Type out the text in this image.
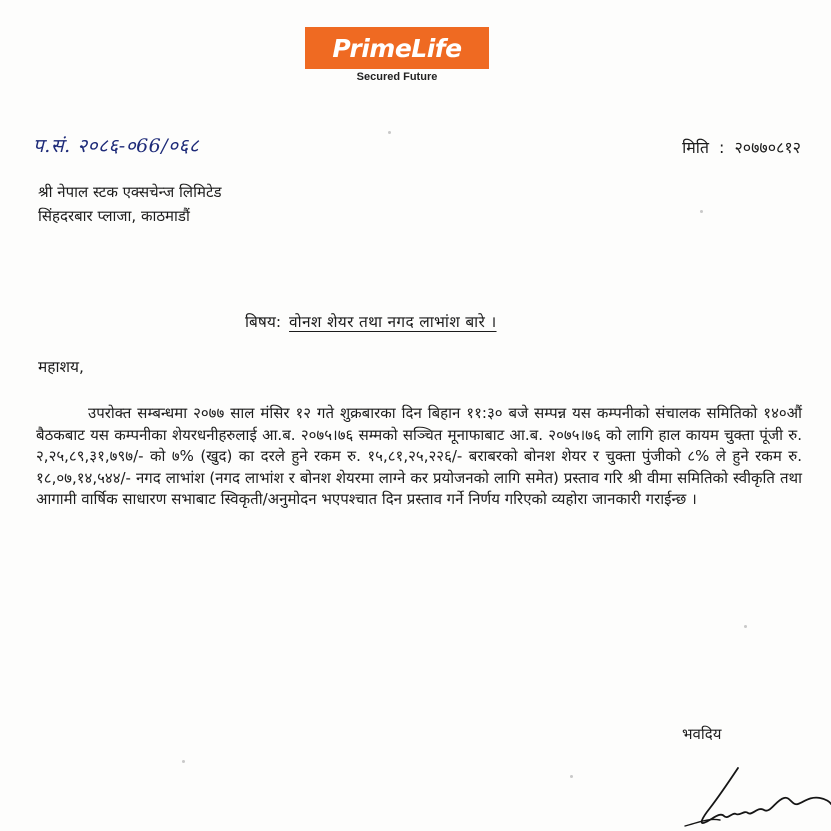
PrimeLife
Secured Future
प.सं. २०८६-०66/०६८	मिति : २०७७०८१२
श्री नेपाल स्टक एक्सचेन्ज लिमिटेड
सिंहदरबार प्लाजा, काठमाडौं
बिषय: वोनश शेयर तथा नगद लाभांश बारे ।
महाशय,
उपरोक्त सम्बन्धमा २०७७ साल मंसिर १२ गते शुक्रबारका दिन बिहान ११:३० बजे सम्पन्न यस कम्पनीको संचालक समितिको १४०औं बैठकबाट यस कम्पनीका शेयरधनीहरुलाई आ.ब. २०७५।७६ सम्मको सञ्चित मूनाफाबाट आ.ब. २०७५।७६ को लागि हाल कायम चुक्ता पूंजी रु. २,२५,८९,३१,७९७/- को ७% (खुद) का दरले हुने रकम रु. १५,८१,२५,२२६/- बराबरको बोनश शेयर र चुक्ता पुंजीको ८% ले हुने रकम रु. १८,०७,१४,५४४/- नगद लाभांश (नगद लाभांश र बोनश शेयरमा लाग्ने कर प्रयोजनको लागि समेत) प्रस्ताव गरि श्री वीमा समितिको स्वीकृति तथा आगामी वार्षिक साधारण सभाबाट स्विकृती/अनुमोदन भएपश्चात दिन प्रस्ताव गर्ने निर्णय गरिएको व्यहोरा जानकारी गराईन्छ ।
भवदिय
